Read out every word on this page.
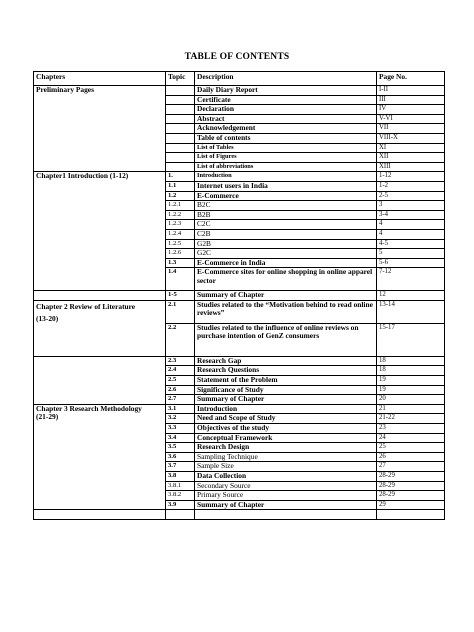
TABLE OF CONTENTS
Chapters	Topic	Description	Page No.
Preliminary Pages		Daily Diary Report	I-II
		Certificate	III
		Declaration	IV
		Abstract	V-VI
		Acknowledgement	VII
		Table of contents	VIII-X
		List of Tables	XI
		List of Figures	XII
		List of abbreviations	XIII
Chapter1 Introduction (1-12)	1.	Introduction	1-12
	1.1	Internet users in India	1-2
	1.2	E-Commerce	2-5
	1.2.1	B2C	3
	1.2.2	B2B	3-4
	1.2.3	C2C	4
	1.2.4	C2B	4
	1.2.5	G2B	4-5
	1.2.6	G2C	5
	1.3	E-Commerce in India	5-6
	1.4	E-Commerce sites for online shopping in online apparel sector	7-12
	1-5	Summary of Chapter	12

Chapter 2 Review of Literature
(13-20)	2.1	Studies related to the “Motivation behind to read online reviews”	13-14
	2.2	Studies related to the influence of online reviews on purchase intention of GenZ consumers	15-17
	2.3	Research Gap	18
	2.4	Research Questions	18
	2.5	Statement of the Problem	19
	2.6	Significance of Study	19
	2.7	Summary of Chapter	20

Chapter 3 Research Methodology
(21-29)	3.1	Introduction	21
	3.2	Need and Scope of Study	21-22
	3.3	Objectives of the study	23
	3.4	Conceptual Framework	24
	3.5	Research Design	25
	3.6	Sampling Technique	26
	3.7	Sample Size	27
	3.8	Data Collection	28-29
	3.8.1	Secondary Source	28-29
	3.8.2	Primary Source	28-29
	3.9	Summary of Chapter	29
